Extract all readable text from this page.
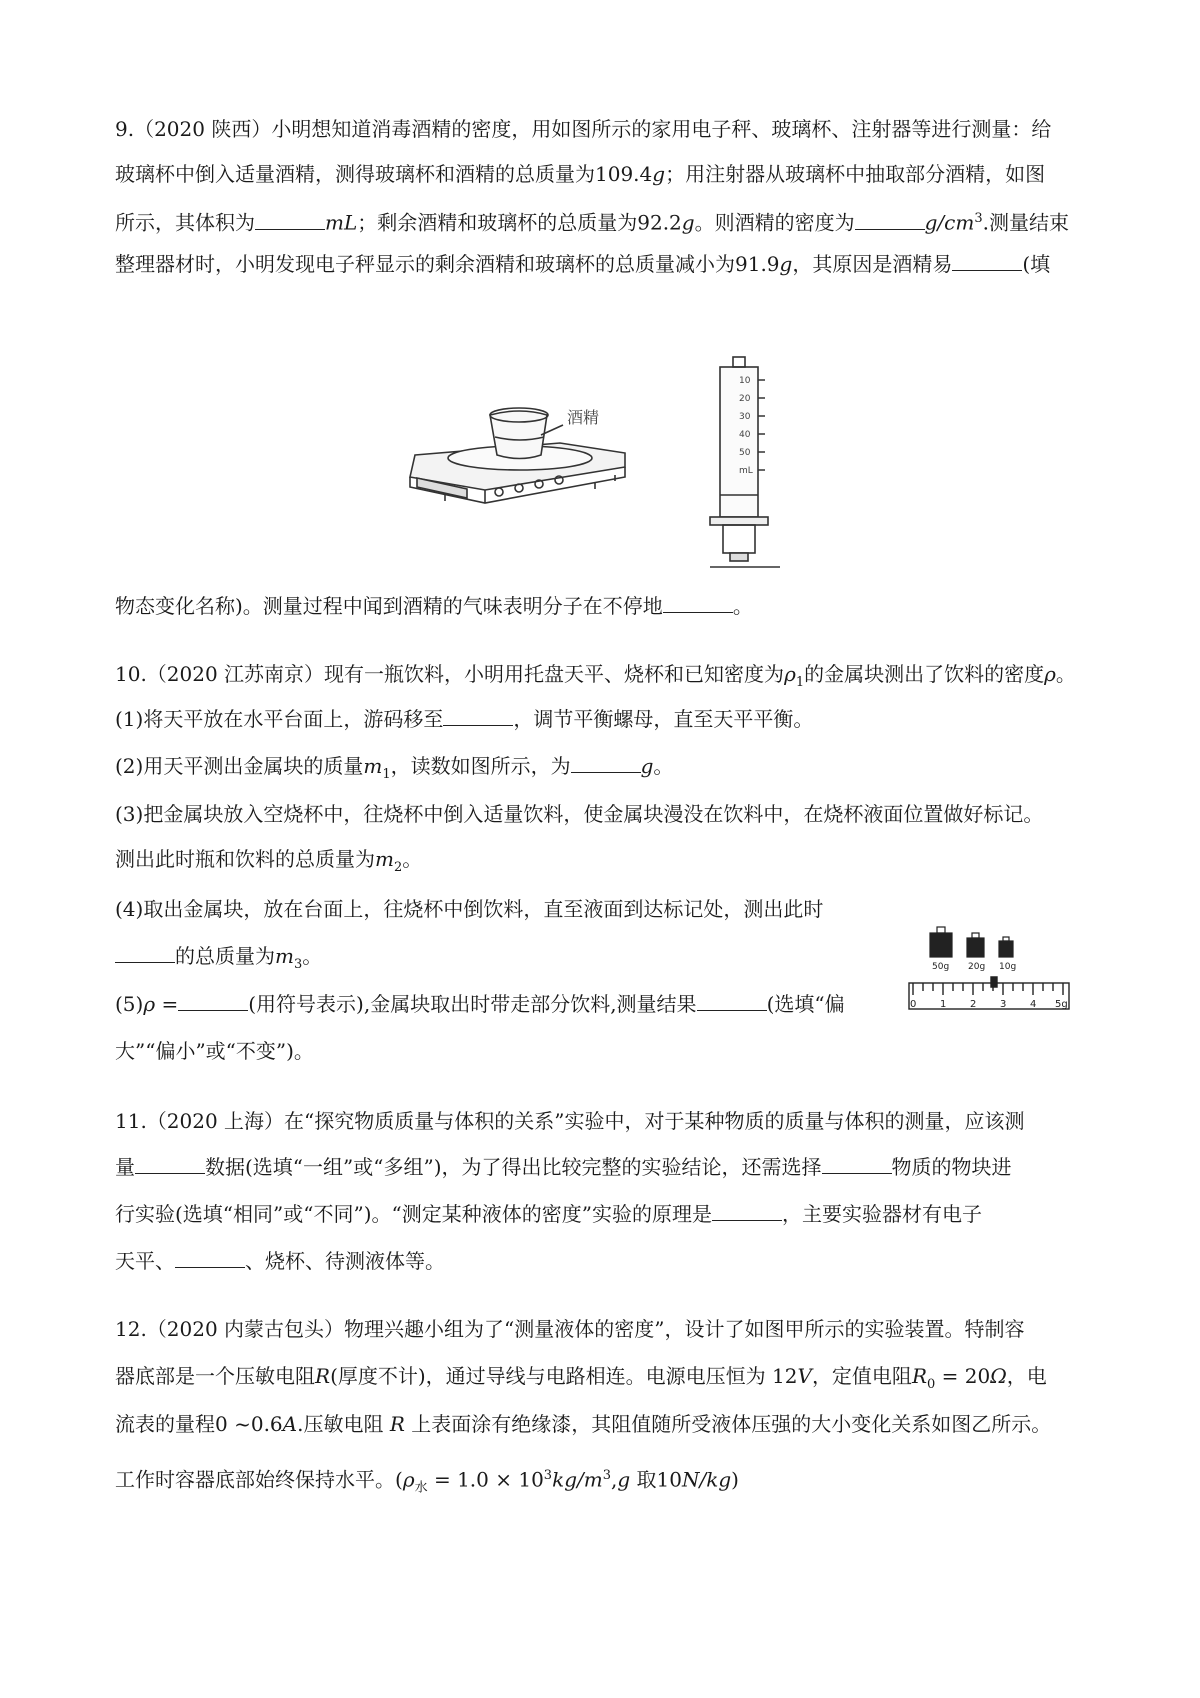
9.（2020 陕西）小明想知道消毒酒精的密度，用如图所示的家用电子秤、玻璃杯、注射器等进行测量：给
玻璃杯中倒入适量酒精，测得玻璃杯和酒精的总质量为109.4g；用注射器从玻璃杯中抽取部分酒精，如图
所示，其体积为	mL；剩余酒精和玻璃杯的总质量为92.2g。则酒精的密度为	$g/cm^3$.测量结束
整理器材时，小明发现电子秤显示的剩余酒精和玻璃杯的总质量减小为91.9g，其原因是酒精易	(填
酒精
10
20
30
40
50
mL
物态变化名称)。测量过程中闻到酒精的气味表明分子在不停地	。
10.（2020 江苏南京）现有一瓶饮料，小明用托盘天平、烧杯和已知密度为$\rho_1$的金属块测出了饮料的密度ρ。
(1)将天平放在水平台面上，游码移至	，调节平衡螺母，直至天平平衡。
(2)用天平测出金属块的质量$m_1$，读数如图所示，为	g。
(3)把金属块放入空烧杯中，往烧杯中倒入适量饮料，使金属块漫没在饮料中，在烧杯液面位置做好标记。
测出此时瓶和饮料的总质量为$m_2$。
(4)取出金属块，放在台面上，往烧杯中倒饮料，直至液面到达标记处，测出此时
的总质量为$m_3$。
(5)ρ =	(用符号表示),金属块取出时带走部分饮料,测量结果	(选填“偏
大”“偏小”或“不变”)。
50g 20g 10g
0 1 2 3 4 5g
11.（2020 上海）在“探究物质质量与体积的关系”实验中，对于某种物质的质量与体积的测量，应该测
量	数据(选填“一组”或“多组”)，为了得出比较完整的实验结论，还需选择	物质的物块进
行实验(选填“相同”或“不同”)。“测定某种液体的密度”实验的原理是	，主要实验器材有电子
天平、	、烧杯、待测液体等。
12.（2020 内蒙古包头）物理兴趣小组为了“测量液体的密度”，设计了如图甲所示的实验装置。特制容
器底部是一个压敏电阻R(厚度不计)，通过导线与电路相连。电源电压恒为 12V，定值电阻$R_0 = 20\Omega$，电
流表的量程0 ~0.6A.压敏电阻 R 上表面涂有绝缘漆，其阻值随所受液体压强的大小变化关系如图乙所示。
工作时容器底部始终保持水平。($\rho_水 = 1.0 \times 10^3kg/m^3,g$ 取10N/kg)
